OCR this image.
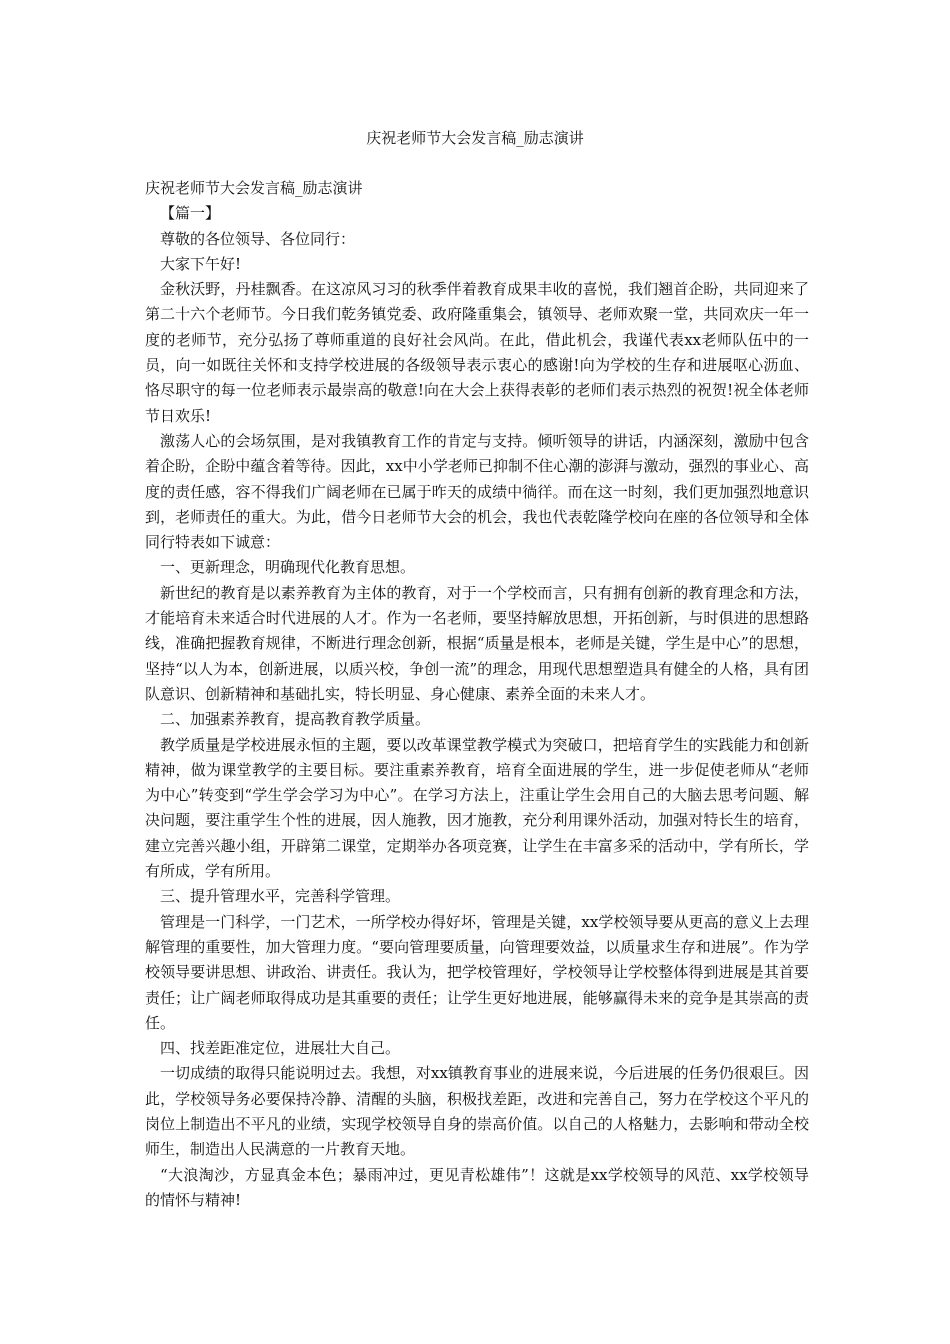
庆祝老师节大会发言稿_励志演讲

庆祝老师节大会发言稿_励志演讲

【篇一】

尊敬的各位领导、各位同行：

大家下午好!

金秋沃野，丹桂飘香。在这凉风习习的秋季伴着教育成果丰收的喜悦，我们翘首企盼，共同迎来了第二十六个老师节。今日我们乾务镇党委、政府隆重集会，镇领导、老师欢聚一堂，共同欢庆一年一度的老师节，充分弘扬了尊师重道的良好社会风尚。在此，借此机会，我谨代表xx老师队伍中的一员，向一如既往关怀和支持学校进展的各级领导表示衷心的感谢!向为学校的生存和进展呕心沥血、恪尽职守的每一位老师表示最崇高的敬意!向在大会上获得表彰的老师们表示热烈的祝贺!祝全体老师节日欢乐!

激荡人心的会场氛围，是对我镇教育工作的肯定与支持。倾听领导的讲话，内涵深刻，激励中包含着企盼，企盼中蕴含着等待。因此，xx中小学老师已抑制不住心潮的澎湃与激动，强烈的事业心、高度的责任感，容不得我们广阔老师在已属于昨天的成绩中徜徉。而在这一时刻，我们更加强烈地意识到，老师责任的重大。为此，借今日老师节大会的机会，我也代表乾隆学校向在座的各位领导和全体同行特表如下诚意：

一、更新理念，明确现代化教育思想。

新世纪的教育是以素养教育为主体的教育，对于一个学校而言，只有拥有创新的教育理念和方法，才能培育未来适合时代进展的人才。作为一名老师，要坚持解放思想，开拓创新，与时俱进的思想路线，准确把握教育规律，不断进行理念创新，根据“质量是根本，老师是关键，学生是中心”的思想，坚持“以人为本，创新进展，以质兴校，争创一流”的理念，用现代思想塑造具有健全的人格，具有团队意识、创新精神和基础扎实，特长明显、身心健康、素养全面的未来人才。

二、加强素养教育，提高教育教学质量。

教学质量是学校进展永恒的主题，要以改革课堂教学模式为突破口，把培育学生的实践能力和创新精神，做为课堂教学的主要目标。要注重素养教育，培育全面进展的学生，进一步促使老师从“老师为中心”转变到“学生学会学习为中心”。在学习方法上，注重让学生会用自己的大脑去思考问题、解决问题，要注重学生个性的进展，因人施教，因才施教，充分利用课外活动，加强对特长生的培育，建立完善兴趣小组，开辟第二课堂，定期举办各项竞赛，让学生在丰富多采的活动中，学有所长，学有所成，学有所用。

三、提升管理水平，完善科学管理。

管理是一门科学，一门艺术，一所学校办得好坏，管理是关键，xx学校领导要从更高的意义上去理解管理的重要性，加大管理力度。“要向管理要质量，向管理要效益，以质量求生存和进展”。作为学校领导要讲思想、讲政治、讲责任。我认为，把学校管理好，学校领导让学校整体得到进展是其首要责任；让广阔老师取得成功是其重要的责任；让学生更好地进展，能够赢得未来的竞争是其崇高的责任。

四、找差距准定位，进展壮大自己。

一切成绩的取得只能说明过去。我想，对xx镇教育事业的进展来说，今后进展的任务仍很艰巨。因此，学校领导务必要保持冷静、清醒的头脑，积极找差距，改进和完善自己，努力在学校这个平凡的岗位上制造出不平凡的业绩，实现学校领导自身的崇高价值。以自己的人格魅力，去影响和带动全校师生，制造出人民满意的一片教育天地。

“大浪淘沙，方显真金本色；暴雨冲过，更见青松雄伟”！这就是xx学校领导的风范、xx学校领导的情怀与精神!
